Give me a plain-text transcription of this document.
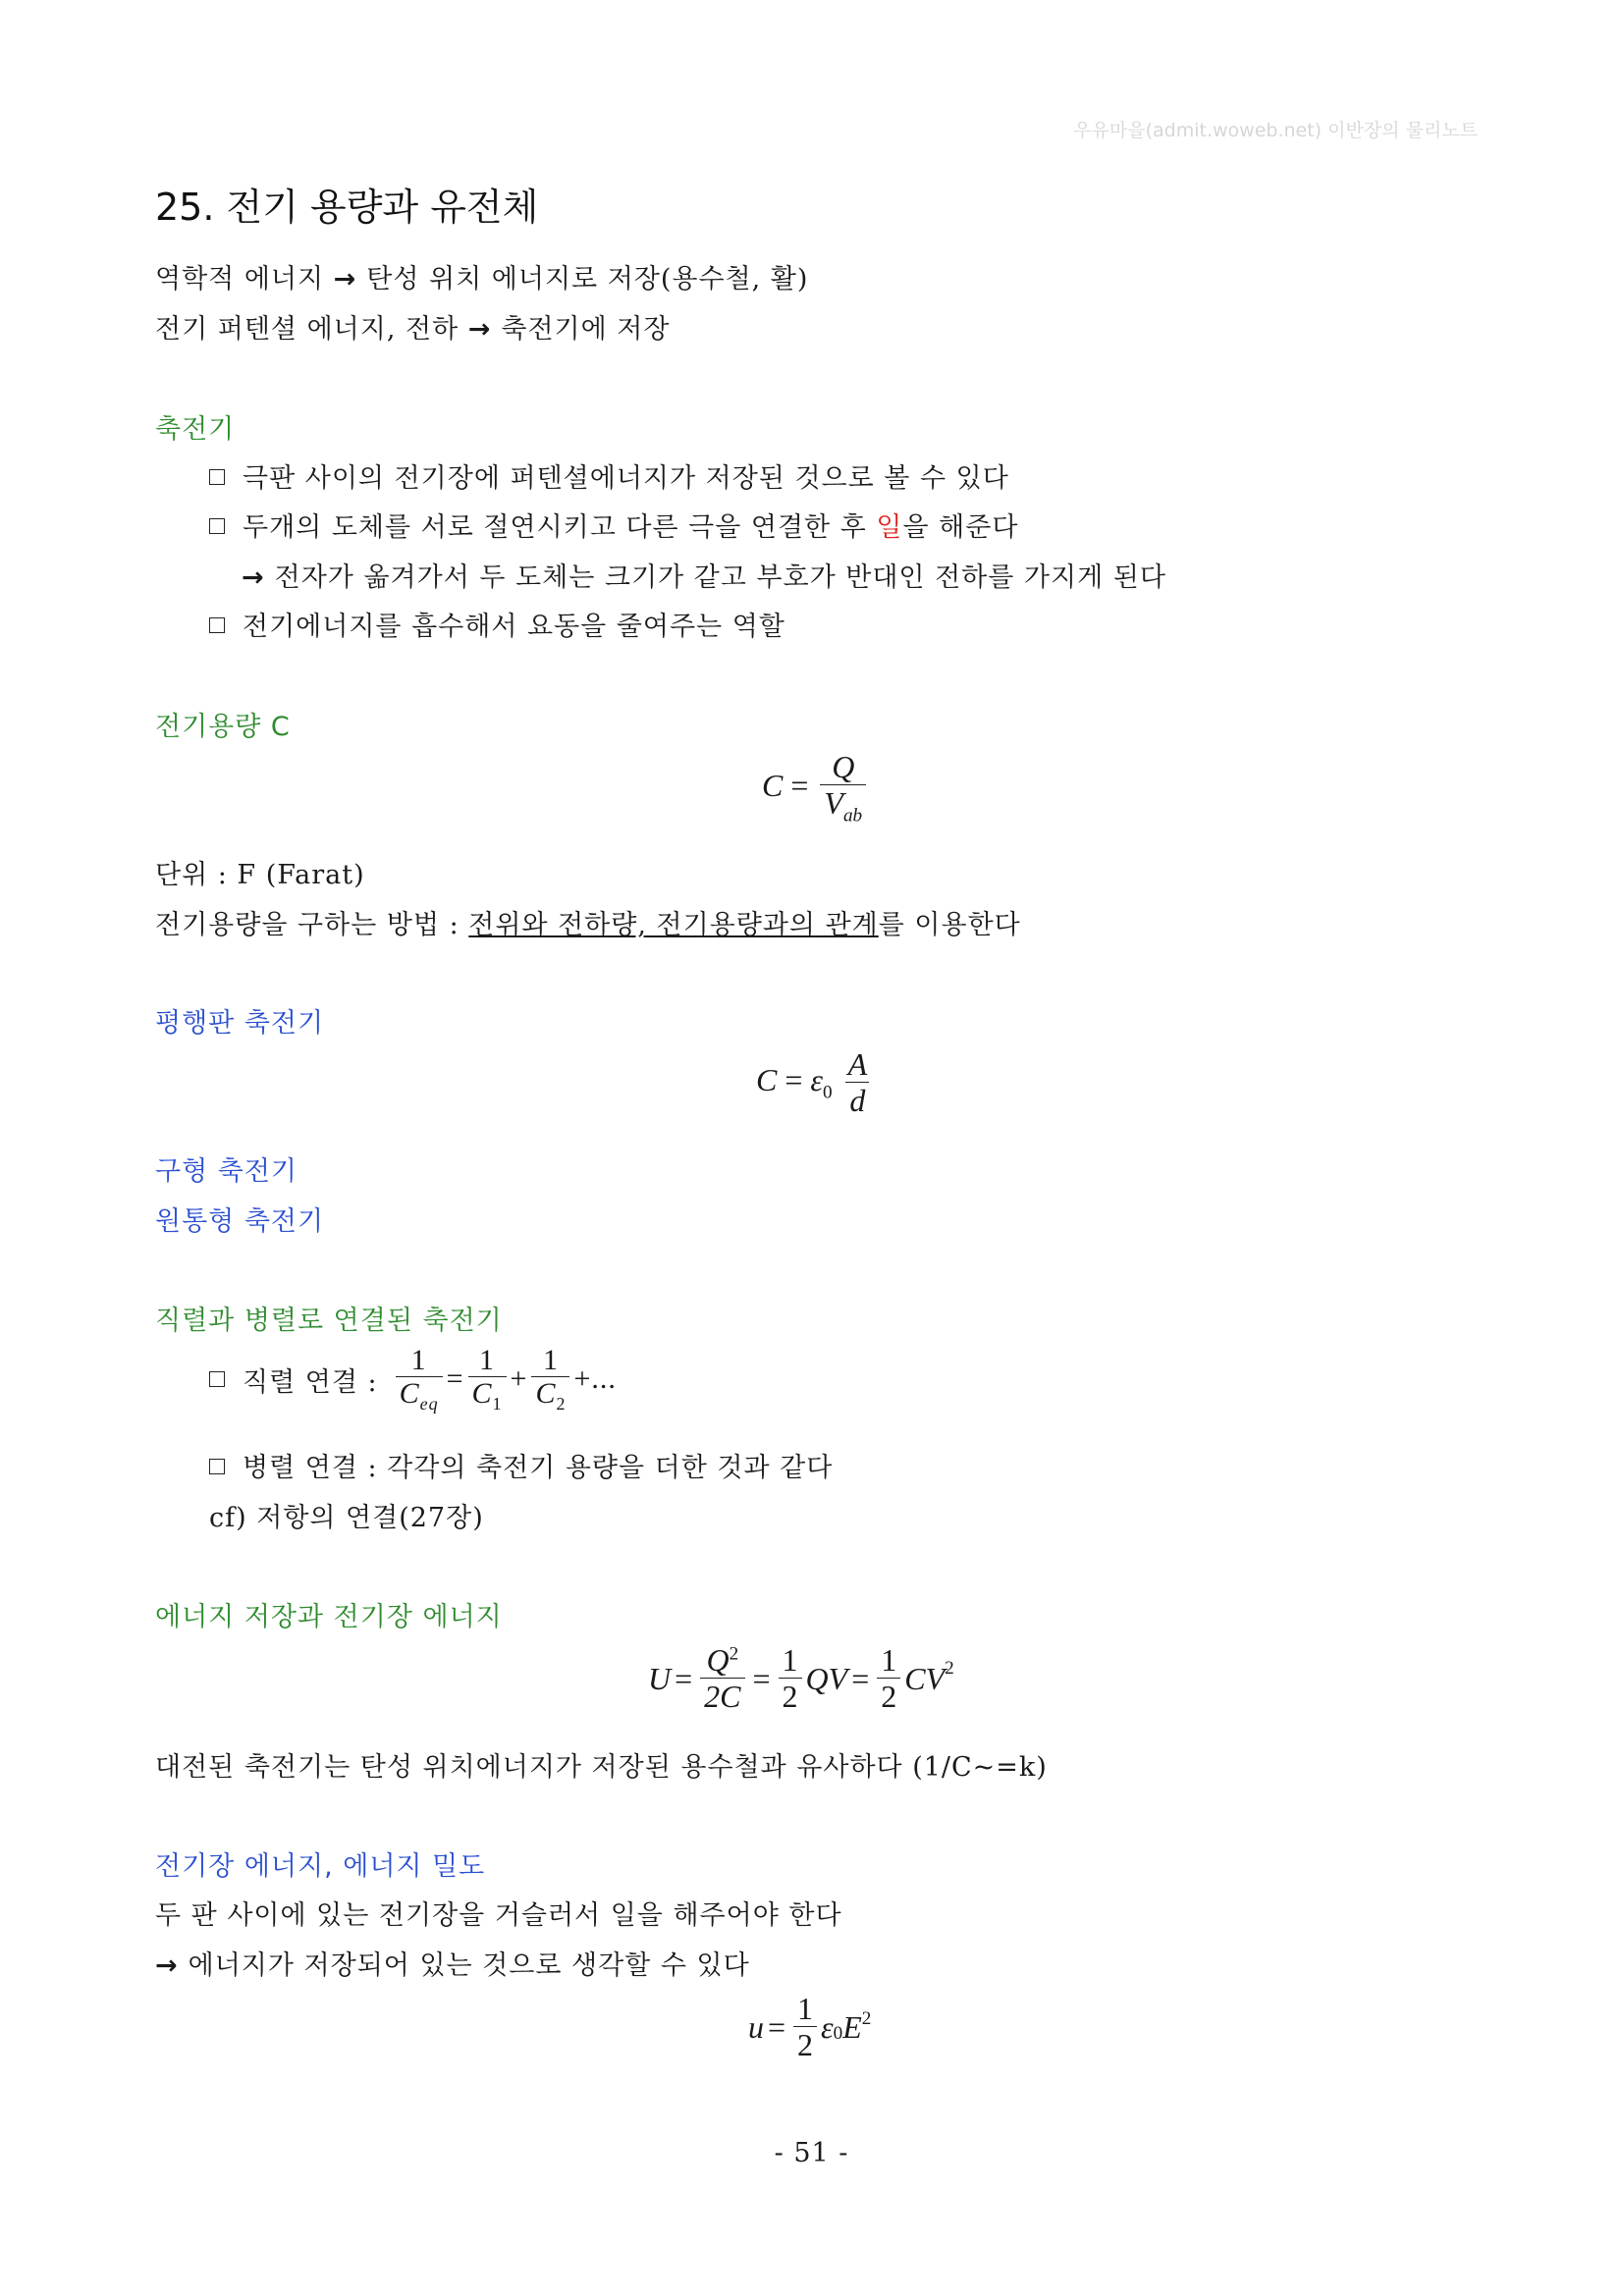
우유마을(admit.woweb.net) 이반장의 물리노트
25. 전기 용량과 유전체
역학적 에너지 → 탄성 위치 에너지로 저장(용수철, 활)
전기 퍼텐셜 에너지, 전하 → 축전기에 저장
축전기
극판 사이의 전기장에 퍼텐셜에너지가 저장된 것으로 볼 수 있다
두개의 도체를 서로 절연시키고 다른 극을 연결한 후 일을 해준다
→ 전자가 옮겨가서 두 도체는 크기가 같고 부호가 반대인 전하를 가지게 된다
전기에너지를 흡수해서 요동을 줄여주는 역할
전기용량 C
$C = \frac{Q}{V_{ab}}$
단위 : F (Farat)
전기용량을 구하는 방법 : 전위와 전하량, 전기용량과의 관계를 이용한다
평행판 축전기
$C = \varepsilon_0 \frac{A}{d}$
구형 축전기
원통형 축전기
직렬과 병렬로 연결된 축전기
직렬 연결 : $\frac{1}{C_{eq}} = \frac{1}{C_1} + \frac{1}{C_2}$ +...
병렬 연결 : 각각의 축전기 용량을 더한 것과 같다
cf) 저항의 연결(27장)
에너지 저장과 전기장 에너지
$U = \frac{Q^2}{2C} = \frac{1}{2}$ QV = $\frac{1}{2} CV^2$
대전된 축전기는 탄성 위치에너지가 저장된 용수철과 유사하다 (1/C~=k)
전기장 에너지, 에너지 밀도
두 판 사이에 있는 전기장을 거슬러서 일을 해주어야 한다
→ 에너지가 저장되어 있는 것으로 생각할 수 있다
$u = \frac{1}{2} \varepsilon_0$ $E^2$
- 51 -
